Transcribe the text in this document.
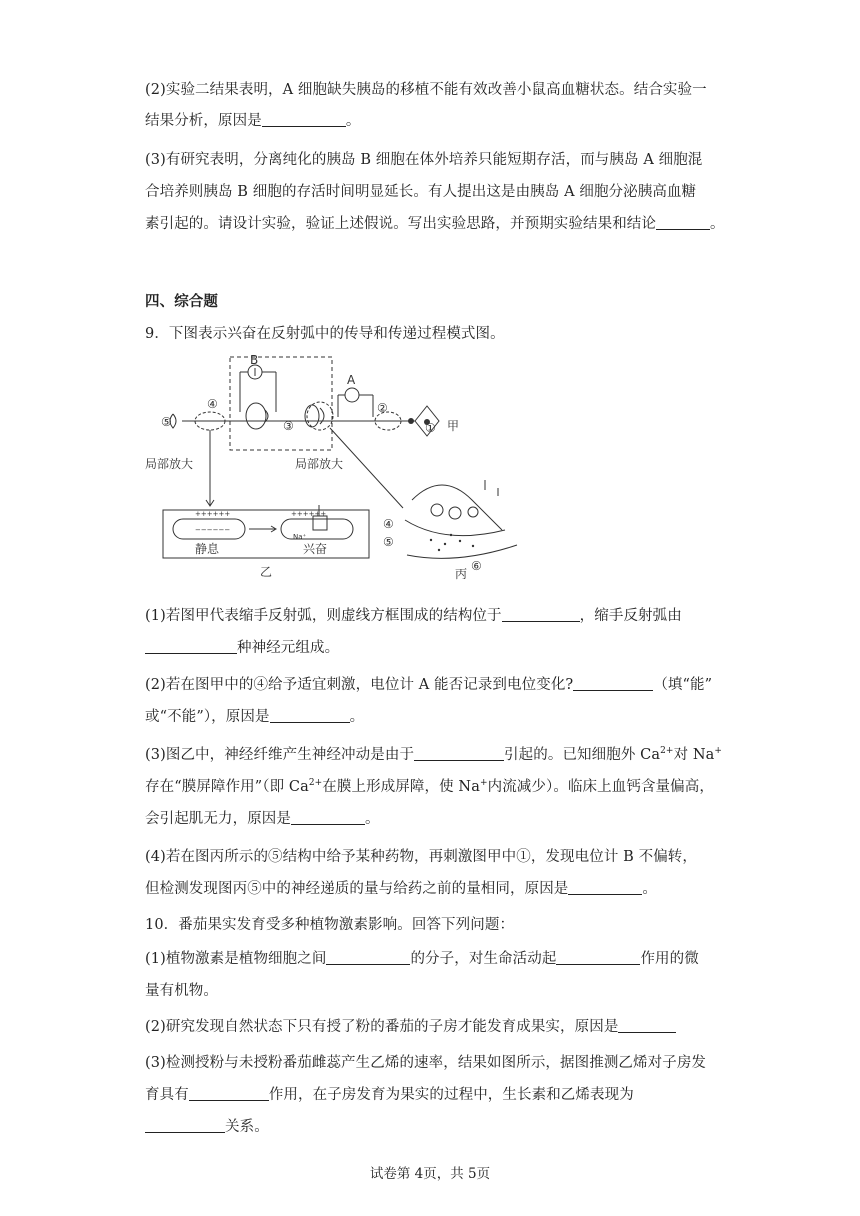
(2)实验二结果表明，A 细胞缺失胰岛的移植不能有效改善小鼠高血糖状态。结合实验一
结果分析，原因是	。
(3)有研究表明，分离纯化的胰岛 B 细胞在体外培养只能短期存活，而与胰岛 A 细胞混
合培养则胰岛 B 细胞的存活时间明显延长。有人提出这是由胰岛 A 细胞分泌胰高血糖
素引起的。请设计实验，验证上述假说。写出实验思路，并预期实验结果和结论	。
四、综合题
9．下图表示兴奋在反射弧中的传导和传递过程模式图。
⑤
④
③
②
①
B
A
甲
局部放大	局部放大
静息	兴奋
乙	丙
④
⑤
⑥
++++++
−−−−−−
++++++
Na⁺
(1)若图甲代表缩手反射弧，则虚线方框围成的结构位于	，缩手反射弧由
种神经元组成。
(2)若在图甲中的④给予适宜刺激，电位计 A 能否记录到电位变化?	（填“能”
或“不能”），原因是	。
(3)图乙中，神经纤维产生神经冲动是由于	引起的。已知细胞外 $Ca^{2+}$对 Na+
存在“膜屏障作用”（即 $Ca^{2+}$在膜上形成屏障，使 Na+内流减少）。临床上血钙含量偏高，
会引起肌无力，原因是	。
(4)若在图丙所示的⑤结构中给予某种药物，再刺激图甲中①，发现电位计 B 不偏转，
但检测发现图丙⑤中的神经递质的量与给药之前的量相同，原因是	。
10．番茄果实发育受多种植物激素影响。回答下列问题：
(1)植物激素是植物细胞之间	的分子，对生命活动起	作用的微
量有机物。
(2)研究发现自然状态下只有授了粉的番茄的子房才能发育成果实，原因是
(3)检测授粉与未授粉番茄雌蕊产生乙烯的速率，结果如图所示，据图推测乙烯对子房发
育具有	作用，在子房发育为果实的过程中，生长素和乙烯表现为
关系。
试卷第 4页，共 5页
